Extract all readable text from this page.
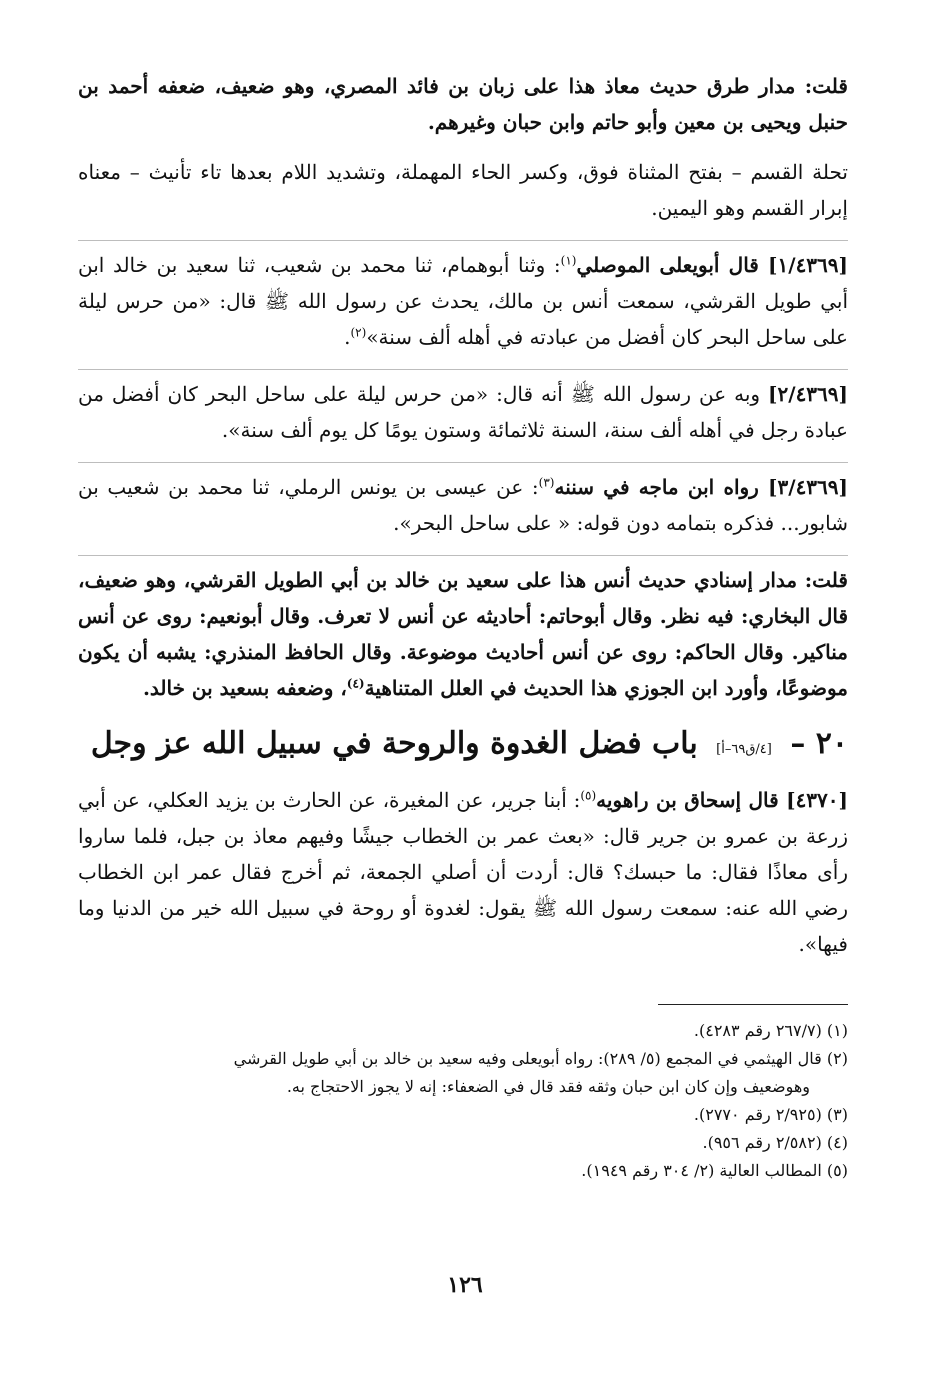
قلت: مدار طرق حديث معاذ هذا على زبان بن فائد المصري، وهو ضعيف، ضعفه أحمد بن حنبل ويحيى بن معين وأبو حاتم وابن حبان وغيرهم.

تحلة القسم – بفتح المثناة فوق، وكسر الحاء المهملة، وتشديد اللام بعدها تاء تأنيث – معناه إبرار القسم وهو اليمين.

[١/٤٣٦٩] قال أبويعلى الموصلي$^{(١)}$: وثنا أبوهمام، ثنا محمد بن شعيب، ثنا سعيد بن خالد ابن أبي طويل القرشي، سمعت أنس بن مالك، يحدث عن رسول الله ﷺ قال: «من حرس ليلة على ساحل البحر كان أفضل من عبادته في أهله ألف سنة»$^{(٢)}$.

[٢/٤٣٦٩] وبه عن رسول الله ﷺ أنه قال: «من حرس ليلة على ساحل البحر كان أفضل من عبادة رجل في أهله ألف سنة، السنة ثلاثمائة وستون يومًا كل يوم ألف سنة».

[٣/٤٣٦٩] رواه ابن ماجه في سننه$^{(٣)}$: عن عيسى بن يونس الرملي، ثنا محمد بن شعيب بن شابور... فذكره بتمامه دون قوله: « على ساحل البحر».

قلت: مدار إسنادي حديث أنس هذا على سعيد بن خالد بن أبي الطويل القرشي، وهو ضعيف، قال البخاري: فيه نظر. وقال أبوحاتم: أحاديثه عن أنس لا تعرف. وقال أبونعيم: روى عن أنس مناكير. وقال الحاكم: روى عن أنس أحاديث موضوعة. وقال الحافظ المنذري: يشبه أن يكون موضوعًا، وأورد ابن الجوزي هذا الحديث في العلل المتناهية$^{(٤)}$، وضعفه بسعيد بن خالد.

٢٠ – [٤/ق٦٩–أ] باب فضل الغدوة والروحة في سبيل الله عز وجل

[٤٣٧٠] قال إسحاق بن راهويه$^{(٥)}$: أبنا جرير، عن المغيرة، عن الحارث بن يزيد العكلي، عن أبي زرعة بن عمرو بن جرير قال: «بعث عمر بن الخطاب جيشًا وفيهم معاذ بن جبل، فلما ساروا رأى معاذًا فقال: ما حبسك؟ قال: أردت أن أصلي الجمعة، ثم أخرج فقال عمر ابن الخطاب رضي الله عنه: سمعت رسول الله ﷺ يقول: لغدوة أو روحة في سبيل الله خير من الدنيا وما فيها».

(١) (٢٦٧/٧ رقم ٤٢٨٣).

(٢) قال الهيثمي في المجمع (٥/ ٢٨٩): رواه أبويعلى وفيه سعيد بن خالد بن أبي طويل القرشي

وهوضعيف وإن كان ابن حبان وثقه فقد قال في الضعفاء: إنه لا يجوز الاحتجاج به.

(٣) (٢/٩٢٥ رقم ٢٧٧٠).

(٤) (٢/٥٨٢ رقم ٩٥٦).

(٥) المطالب العالية (٢/ ٣٠٤ رقم ١٩٤٩).

١٢٦
